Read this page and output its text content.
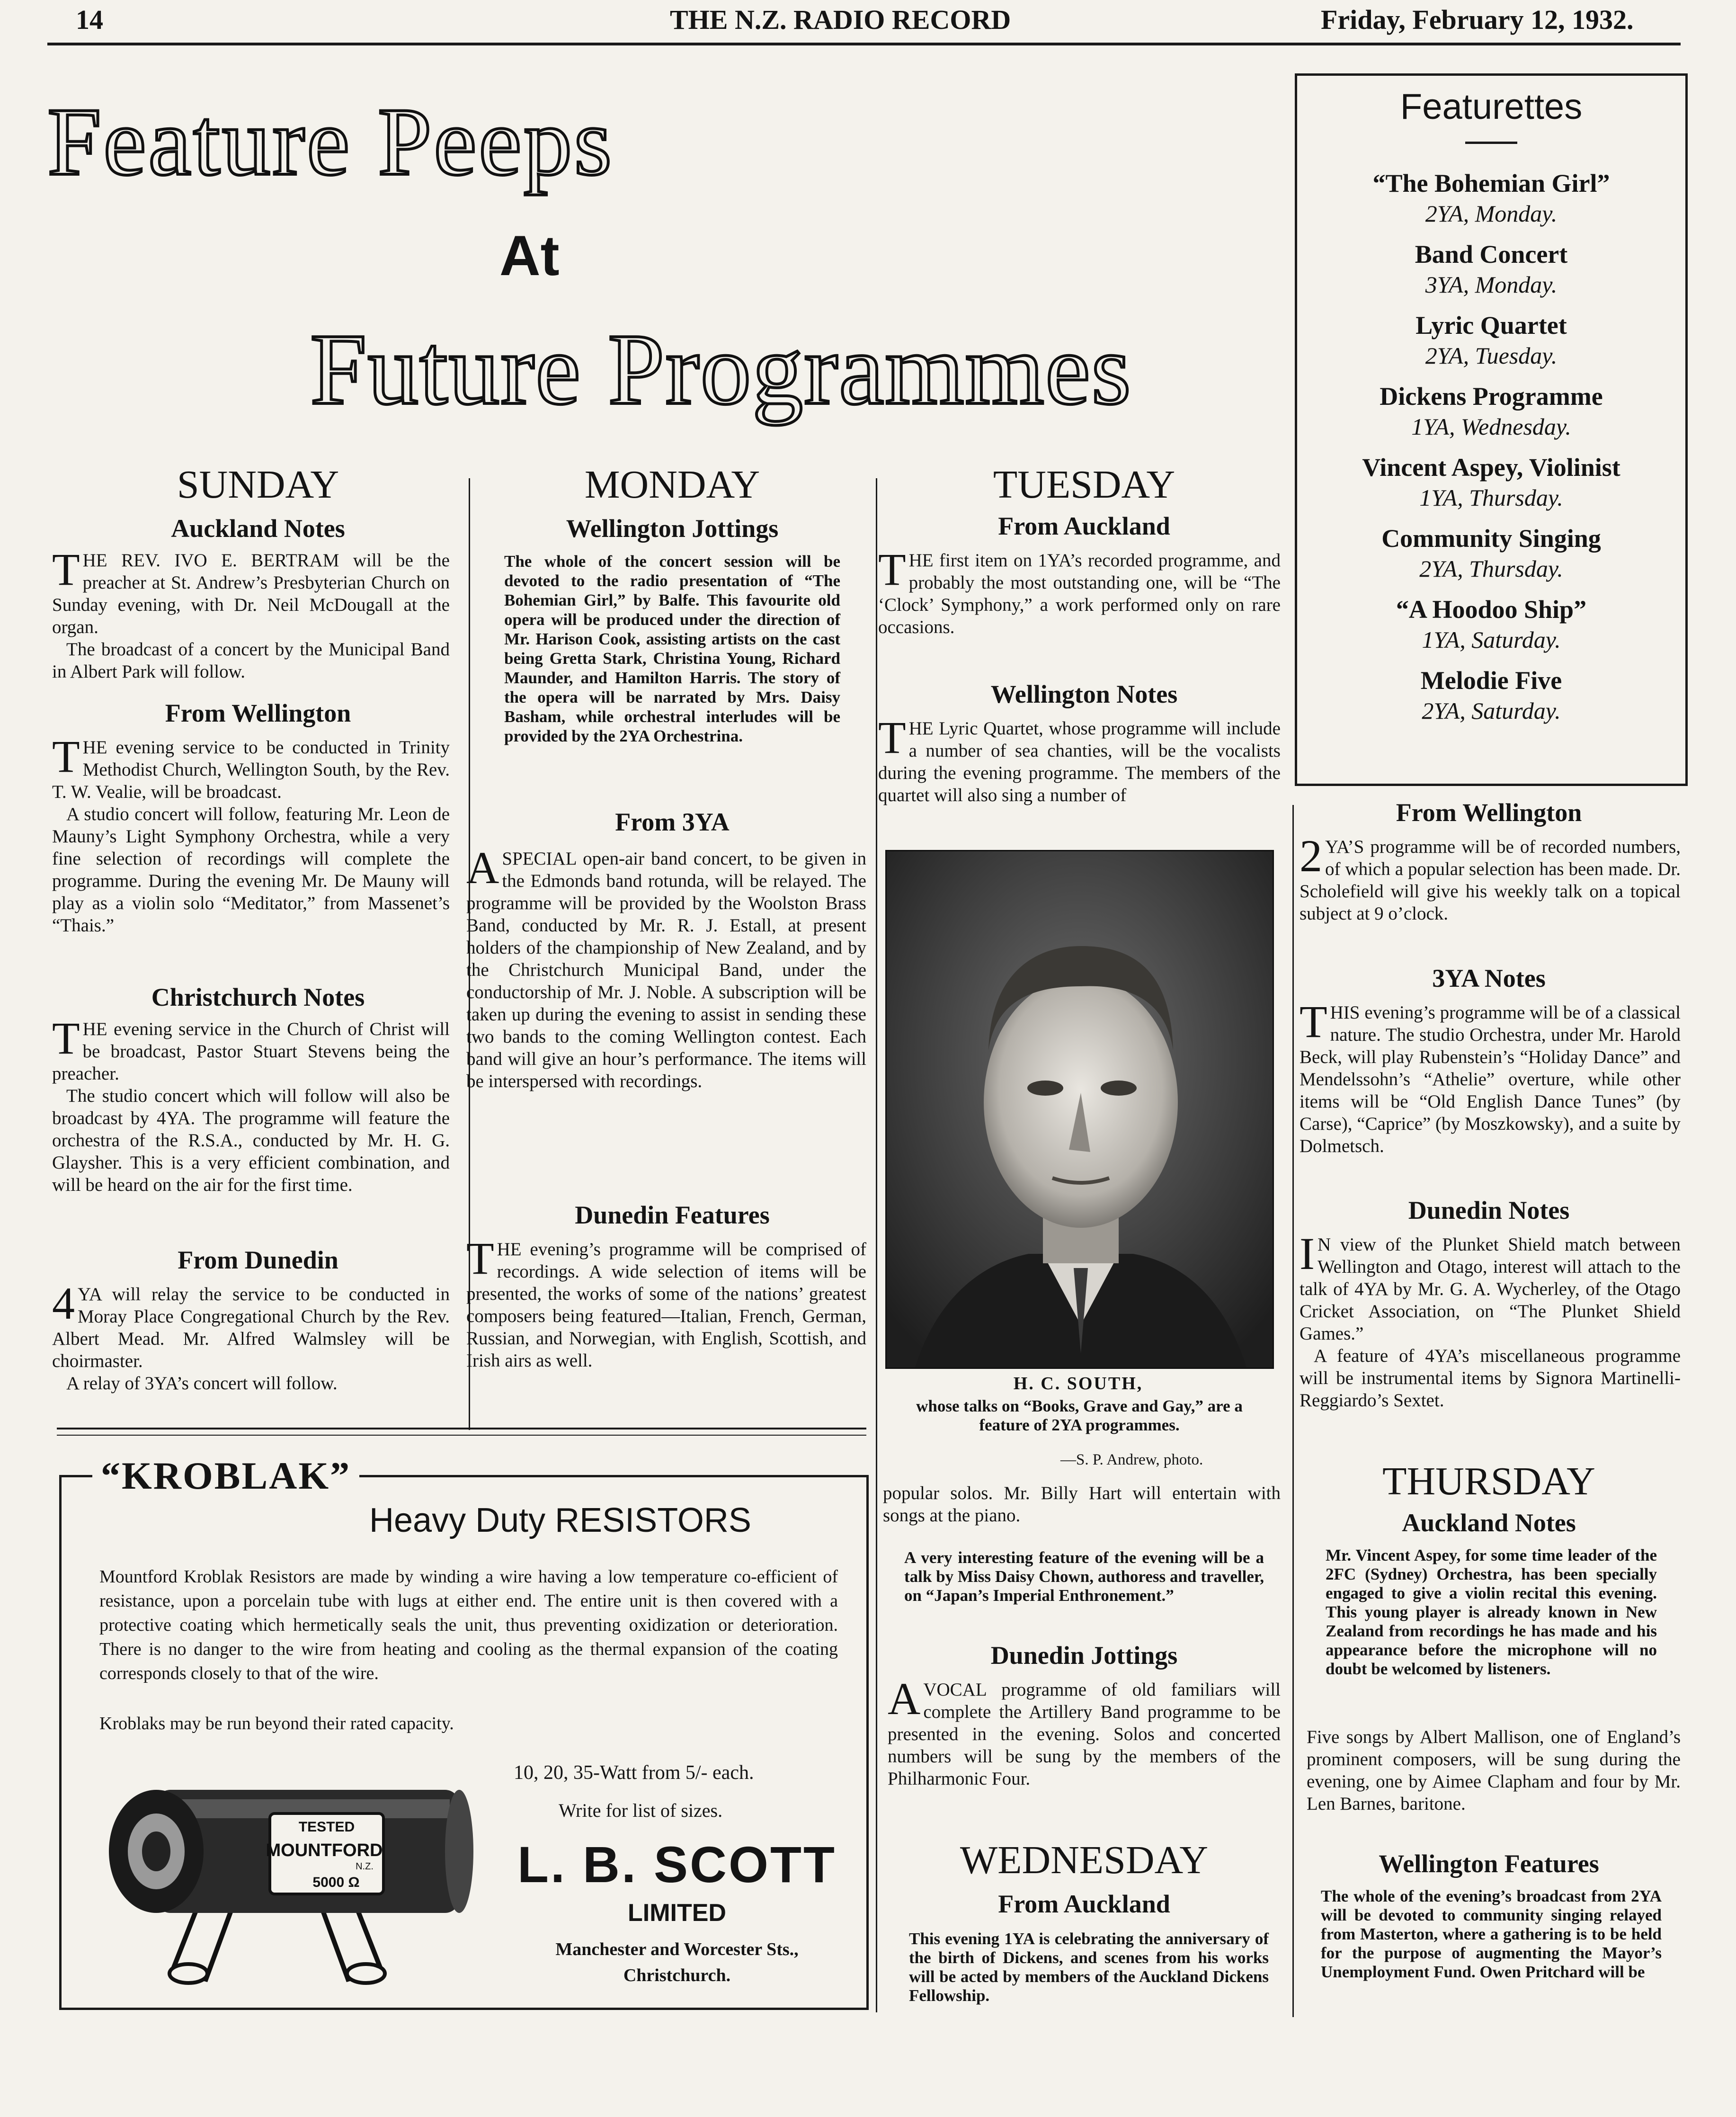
14	THE N.Z. RADIO RECORD	Friday, February 12, 1932.
Feature Peeps
At
Future Programmes
Featurettes
“The Bohemian Girl”
2YA, Monday.
Band Concert
3YA, Monday.
Lyric Quartet
2YA, Tuesday.
Dickens Programme
1YA, Wednesday.
Vincent Aspey, Violinist
1YA, Thursday.
Community Singing
2YA, Thursday.
“A Hoodoo Ship”
1YA, Saturday.
Melodie Five
2YA, Saturday.
SUNDAY
Auckland Notes

THE REV. IVO E. BERTRAM will be the preacher at St. Andrew’s Presbyterian Church on Sunday evening, with Dr. Neil McDougall at the organ.

The broadcast of a concert by the Municipal Band in Albert Park will follow.

From Wellington

THE evening service to be conducted in Trinity Methodist Church, Wellington South, by the Rev. T. W. Vealie, will be broadcast.

A studio concert will follow, featuring Mr. Leon de Mauny’s Light Symphony Orchestra, while a very fine selection of recordings will complete the programme. During the evening Mr. De Mauny will play as a violin solo “Meditator,” from Massenet’s “Thais.”

Christchurch Notes

THE evening service in the Church of Christ will be broadcast, Pastor Stuart Stevens being the preacher.

The studio concert which will follow will also be broadcast by 4YA. The programme will feature the orchestra of the R.S.A., conducted by Mr. H. G. Glaysher. This is a very efficient combination, and will be heard on the air for the first time.

From Dunedin

4 YA will relay the service to be conducted in Moray Place Congregational Church by the Rev. Albert Mead. Mr. Alfred Walmsley will be choirmaster.

A relay of 3YA’s concert will follow.

MONDAY
Wellington Jottings
The whole of the concert session will be devoted to the radio presentation of “The Bohemian Girl,” by Balfe. This favourite old opera will be produced under the direction of Mr. Harison Cook, assisting artists on the cast being Gretta Stark, Christina Young, Richard Maunder, and Hamilton Harris. The story of the opera will be narrated by Mrs. Daisy Basham, while orchestral interludes will be provided by the 2YA Orchestrina.
From 3YA

ASPECIAL open-air band concert, to be given in the Edmonds band rotunda, will be relayed. The programme will be provided by the Woolston Brass Band, conducted by Mr. R. J. Estall, at present holders of the championship of New Zealand, and by the Christchurch Municipal Band, under the conductorship of Mr. J. Noble. A subscription will be taken up during the evening to assist in sending these two bands to the coming Wellington contest. Each band will give an hour’s performance. The items will be interspersed with recordings.

Dunedin Features

THE evening’s programme will be comprised of recordings. A wide selection of items will be presented, the works of some of the nations’ greatest composers being featured—Italian, French, German, Russian, and Norwegian, with English, Scottish, and Irish airs as well.

TUESDAY
From Auckland

THE first item on 1YA’s recorded programme, and probably the most outstanding one, will be “The ‘Clock’ Symphony,” a work performed only on rare occasions.

Wellington Notes

THE Lyric Quartet, whose programme will include a number of sea chanties, will be the vocalists during the evening programme. The members of the quartet will also sing a number of

H. C. SOUTH,
whose talks on “Books, Grave and Gay,” are a feature of 2YA programmes.
—S. P. Andrew, photo.
popular solos. Mr. Billy Hart will entertain with songs at the piano.
A very interesting feature of the evening will be a talk by Miss Daisy Chown, authoress and traveller, on “Japan’s Imperial Enthronement.”
Dunedin Jottings

AVOCAL programme of old familiars will complete the Artillery Band programme to be presented in the evening. Solos and concerted numbers will be sung by the members of the Philharmonic Four.

WEDNESDAY
From Auckland
This evening 1YA is celebrating the anniversary of the birth of Dickens, and scenes from his works will be acted by members of the Auckland Dickens Fellowship.
From Wellington

2 YA’S programme will be of recorded numbers, of which a popular selection has been made. Dr. Scholefield will give his weekly talk on a topical subject at 9 o’clock.

3YA Notes

THIS evening’s programme will be of a classical nature. The studio Orchestra, under Mr. Harold Beck, will play Rubenstein’s “Holiday Dance” and Mendelssohn’s “Athelie” overture, while other items will be “Old English Dance Tunes” (by Carse), “Caprice” (by Moszkowsky), and a suite by Dolmetsch.

Dunedin Notes

I N view of the Plunket Shield match between Wellington and Otago, interest will attach to the talk of 4YA by Mr. G. A. Wycherley, of the Otago Cricket Association, on “The Plunket Shield Games.”

A feature of 4YA’s miscellaneous programme will be instrumental items by Signora Martinelli-Reggiardo’s Sextet.

THURSDAY
Auckland Notes
Mr. Vincent Aspey, for some time leader of the 2FC (Sydney) Orchestra, has been specially engaged to give a violin recital this evening. This young player is already known in New Zealand from recordings he has made and his appearance before the microphone will no doubt be welcomed by listeners.
Five songs by Albert Mallison, one of England’s prominent composers, will be sung during the evening, one by Aimee Clapham and four by Mr. Len Barnes, baritone.
Wellington Features
The whole of the evening’s broadcast from 2YA will be devoted to community singing relayed from Masterton, where a gathering is to be held for the purpose of augmenting the Mayor’s Unemployment Fund. Owen Pritchard will be
“KROBLAK”
Heavy Duty RESISTORS
Mountford Kroblak Resistors are made by winding a wire having a low temperature co-efficient of resistance, upon a porcelain tube with lugs at either end. The entire unit is then covered with a protective coating which hermetically seals the unit, thus preventing oxidization or deterioration. There is no danger to the wire from heating and cooling as the thermal expansion of the coating corresponds closely to that of the wire.
Kroblaks may be run beyond their rated capacity.
TESTED
MOUNTFORD
N.Z.
5000 Ω
10, 20, 35-Watt from 5/- each.
Write for list of sizes.
L. B. SCOTT
LIMITED
Manchester and Worcester Sts.,
Christchurch.
